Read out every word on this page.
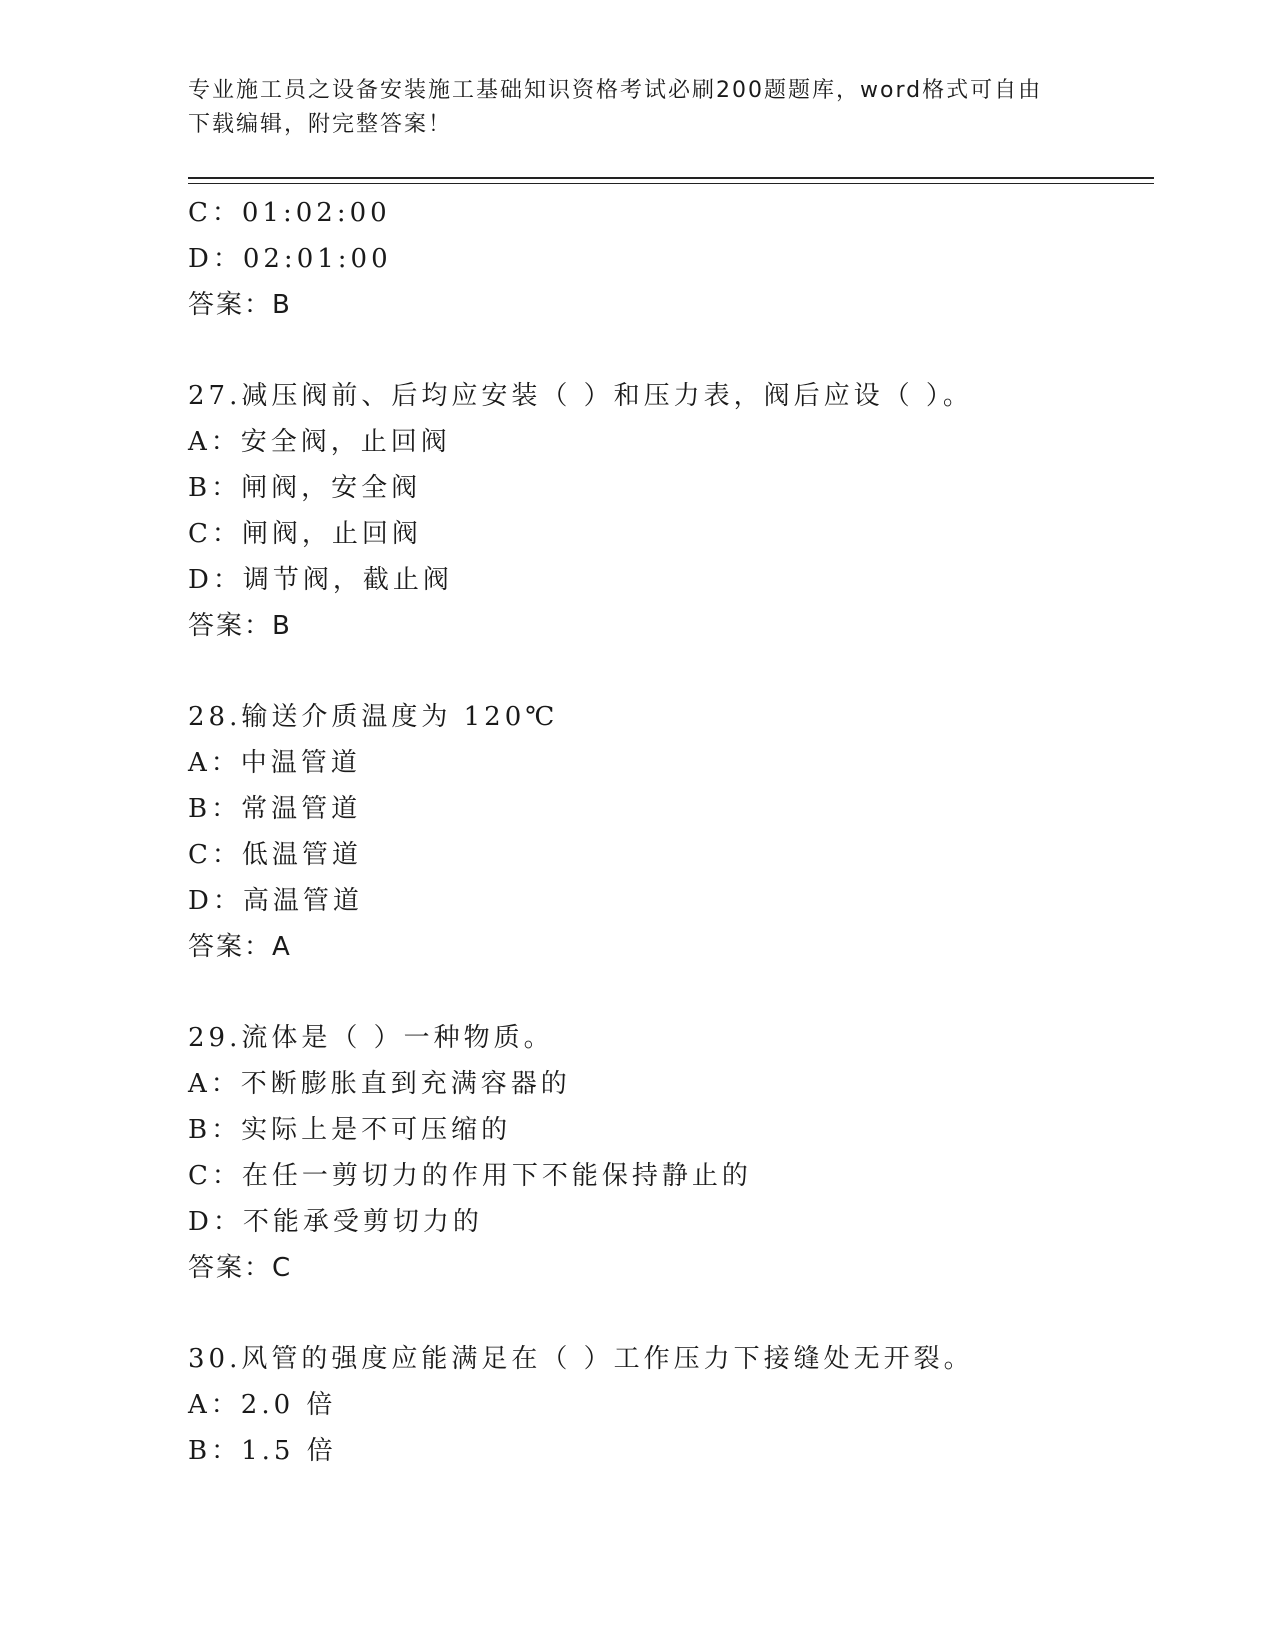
专业施工员之设备安装施工基础知识资格考试必刷200题题库，word格式可自由
下载编辑，附完整答案！
C：01:02:00
D：02:01:00
答案：B
27.减压阀前、后均应安装（ ）和压力表，阀后应设（ ）。
A：安全阀，止回阀
B：闸阀，安全阀
C：闸阀，止回阀
D：调节阀，截止阀
答案：B
28.输送介质温度为 120℃
A：中温管道
B：常温管道
C：低温管道
D：高温管道
答案：A
29.流体是（ ）一种物质。
A：不断膨胀直到充满容器的
B：实际上是不可压缩的
C：在任一剪切力的作用下不能保持静止的
D：不能承受剪切力的
答案：C
30.风管的强度应能满足在（ ）工作压力下接缝处无开裂。
A：2.0 倍
B：1.5 倍
